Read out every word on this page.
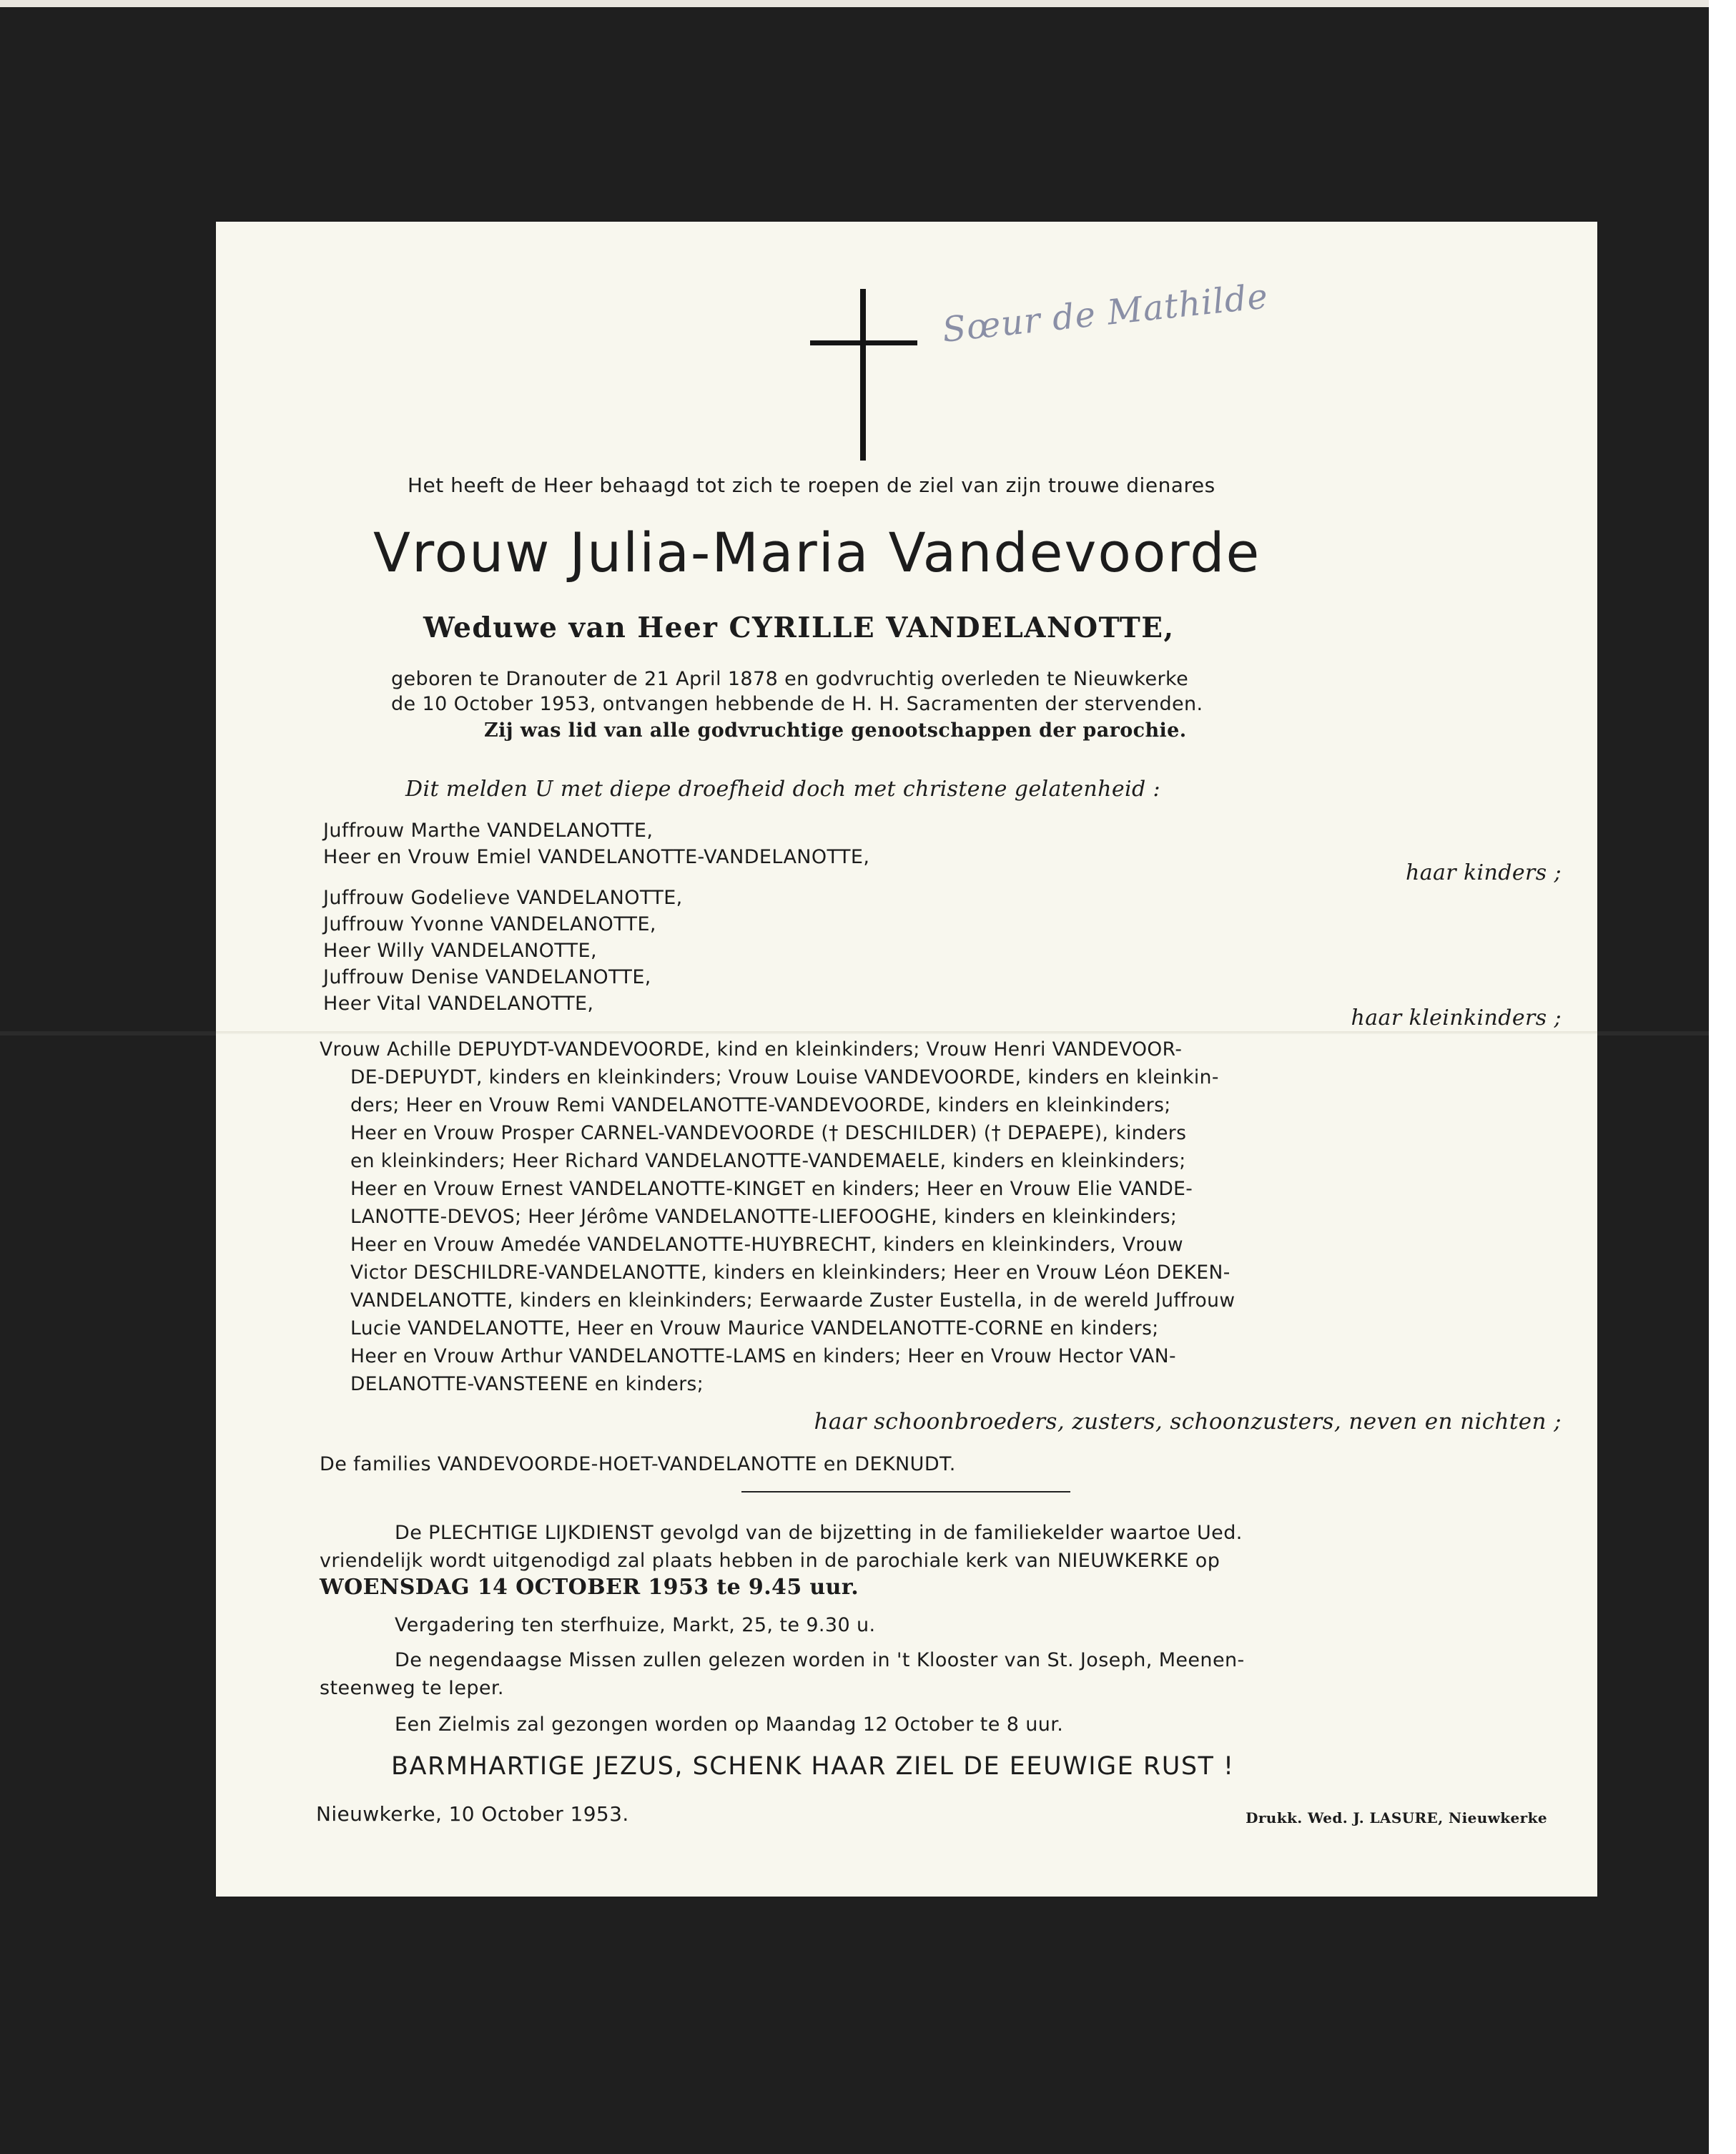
Sœur de Mathilde
Het heeft de Heer behaagd tot zich te roepen de ziel van zijn trouwe dienares
Vrouw Julia-Maria Vandevoorde
Weduwe van Heer CYRILLE VANDELANOTTE,
geboren te Dranouter de 21 April 1878 en godvruchtig overleden te Nieuwkerke
de 10 October 1953, ontvangen hebbende de H. H. Sacramenten der stervenden.
Zij was lid van alle godvruchtige genootschappen der parochie.
Dit melden U met diepe droefheid doch met christene gelatenheid :
Juffrouw Marthe VANDELANOTTE,
Heer en Vrouw Emiel VANDELANOTTE-VANDELANOTTE,
haar kinders ;
Juffrouw Godelieve VANDELANOTTE,
Juffrouw Yvonne VANDELANOTTE,
Heer Willy VANDELANOTTE,
Juffrouw Denise VANDELANOTTE,
Heer Vital VANDELANOTTE,
haar kleinkinders ;
Vrouw Achille DEPUYDT-VANDEVOORDE, kind en kleinkinders; Vrouw Henri VANDEVOOR-
DE-DEPUYDT, kinders en kleinkinders; Vrouw Louise VANDEVOORDE, kinders en kleinkin-
ders; Heer en Vrouw Remi VANDELANOTTE-VANDEVOORDE, kinders en kleinkinders;
Heer en Vrouw Prosper CARNEL-VANDEVOORDE († DESCHILDER) († DEPAEPE), kinders
en kleinkinders; Heer Richard VANDELANOTTE-VANDEMAELE, kinders en kleinkinders;
Heer en Vrouw Ernest VANDELANOTTE-KINGET en kinders; Heer en Vrouw Elie VANDE-
LANOTTE-DEVOS; Heer Jérôme VANDELANOTTE-LIEFOOGHE, kinders en kleinkinders;
Heer en Vrouw Amedée VANDELANOTTE-HUYBRECHT, kinders en kleinkinders, Vrouw
Victor DESCHILDRE-VANDELANOTTE, kinders en kleinkinders; Heer en Vrouw Léon DEKEN-
VANDELANOTTE, kinders en kleinkinders; Eerwaarde Zuster Eustella, in de wereld Juffrouw
Lucie VANDELANOTTE, Heer en Vrouw Maurice VANDELANOTTE-CORNE en kinders;
Heer en Vrouw Arthur VANDELANOTTE-LAMS en kinders; Heer en Vrouw Hector VAN-
DELANOTTE-VANSTEENE en kinders;
haar schoonbroeders, zusters, schoonzusters, neven en nichten ;
De families VANDEVOORDE-HOET-VANDELANOTTE en DEKNUDT.
De PLECHTIGE LIJKDIENST gevolgd van de bijzetting in de familiekelder waartoe Ued.
vriendelijk wordt uitgenodigd zal plaats hebben in de parochiale kerk van NIEUWKERKE op
WOENSDAG 14 OCTOBER 1953 te 9.45 uur.
Vergadering ten sterfhuize, Markt, 25, te 9.30 u.
De negendaagse Missen zullen gelezen worden in 't Klooster van St. Joseph, Meenen-
steenweg te Ieper.
Een Zielmis zal gezongen worden op Maandag 12 October te 8 uur.
BARMHARTIGE JEZUS, SCHENK HAAR ZIEL DE EEUWIGE RUST !
Nieuwkerke, 10 October 1953.	Drukk. Wed. J. LASURE, Nieuwkerke
